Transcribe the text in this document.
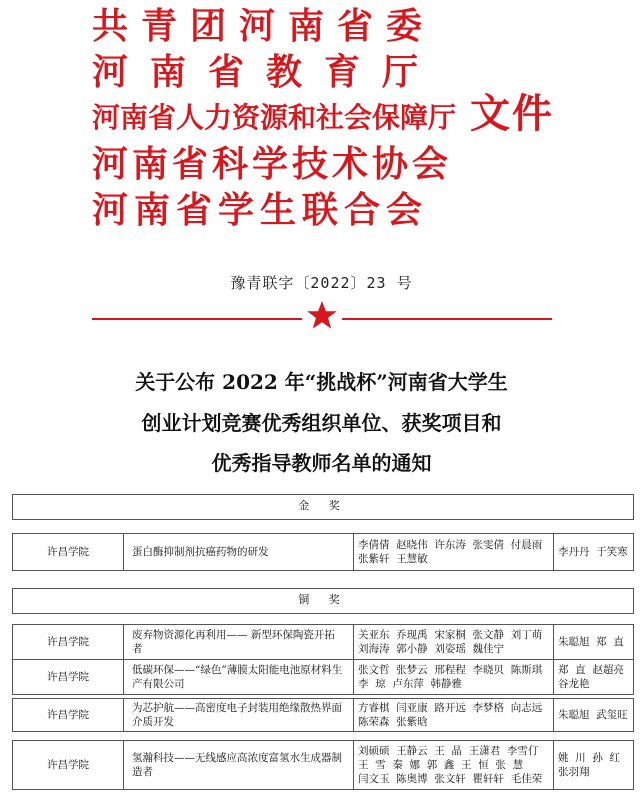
共青团河南省委
河南省教育厅
河南省人力资源和社会保障厅
河南省科学技术协会
河南省学生联合会
文件
豫青联字〔2022〕23 号
关于公布 2022 年“挑战杯”河南省大学生
创业计划竞赛优秀组织单位、获奖项目和
优秀指导教师名单的通知
金 奖
许昌学院	蛋白酶抑制剂抗癌药物的研发
李倩倩  赵晓伟  许东涛  张雯倩  付晨雨
张紫轩  王慧敏
李丹丹  于笑寒
铜 奖
许昌学院
废弃物资源化再利用—— 新型环保陶瓷开拓者
关亚东  乔现禹  宋家桐  张文静  刘丁萌
刘海涛  郭小静  刘姿瑶  魏佳宁
朱聪旭  郑  直
许昌学院
低碳环保——“绿色”薄膜太阳能电池原材料生产有限公司
张文哲  张梦云  邢程程  李晓贝  陈斯琪
李  琼  卢东萍  韩静雅
郑  直  赵超亮
谷龙艳
许昌学院
为芯护航——高密度电子封装用绝缘散热界面介质开发
方睿棋  闫亚康  路开远  李梦格  向志远
陈荣森  张紫晗
朱聪旭  武玺旺
许昌学院
氢瀚科技——无线感应高浓度富氢水生成器制造者
刘硕硕  王静云  王  晶  王潇君  李雪仃
王  雪  秦  娜  郭  鑫  王  恒  张  慧
闫文玉  陈奥博  张文轩  瞿轩轩  毛佳荣
姚  川  孙  红
张羽翔
